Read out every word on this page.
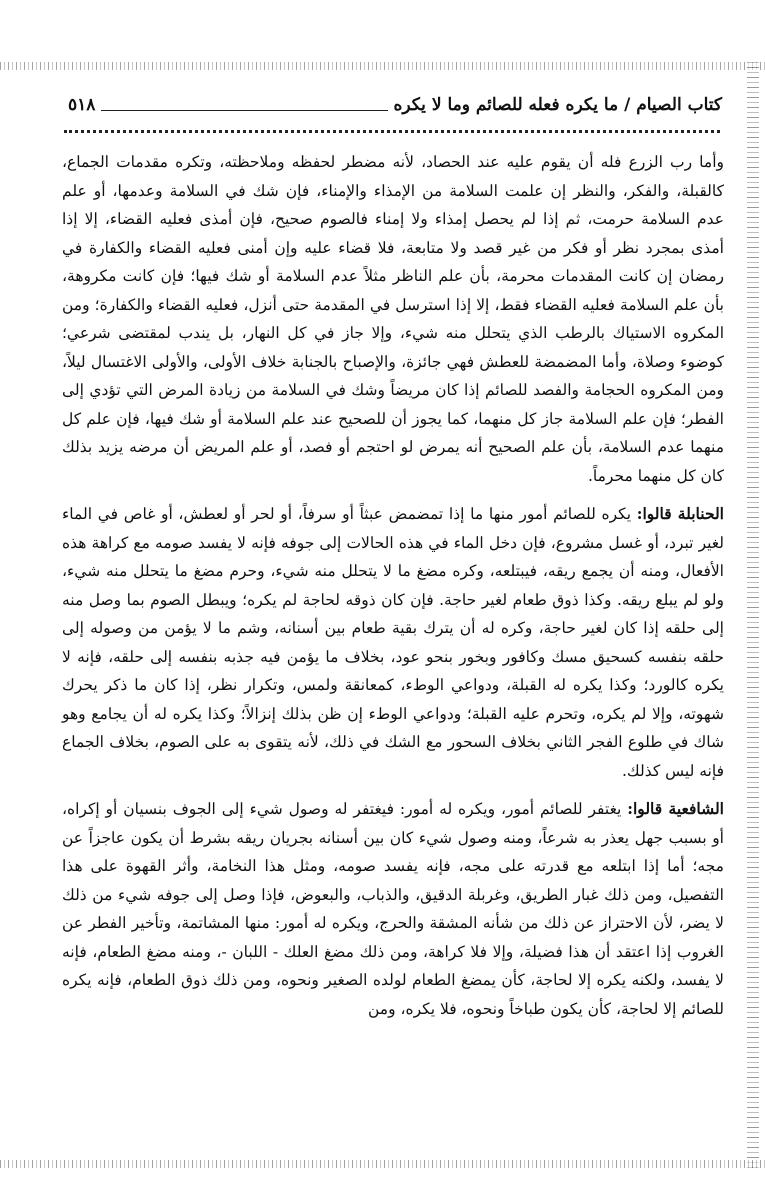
كتاب الصيام / ما يكره فعله للصائم وما لا يكره
٥١٨

وأما رب الزرع فله أن يقوم عليه عند الحصاد، لأنه مضطر لحفظه وملاحظته، وتكره مقدمات الجماع، كالقبلة، والفكر، والنظر إن علمت السلامة من الإمذاء والإمناء، فإن شك في السلامة وعدمها، أو علم عدم السلامة حرمت، ثم إذا لم يحصل إمذاء ولا إمناء فالصوم صحيح، فإن أمذى فعليه القضاء، إلا إذا أمذى بمجرد نظر أو فكر من غير قصد ولا متابعة، فلا قضاء عليه وإن أمنى فعليه القضاء والكفارة في رمضان إن كانت المقدمات محرمة، بأن علم الناظر مثلاً عدم السلامة أو شك فيها؛ فإن كانت مكروهة، بأن علم السلامة فعليه القضاء فقط، إلا إذا استرسل في المقدمة حتى أنزل، فعليه القضاء والكفارة؛ ومن المكروه الاستياك بالرطب الذي يتحلل منه شيء، وإلا جاز في كل النهار، بل يندب لمقتضى شرعي؛ كوضوء وصلاة، وأما المضمضة للعطش فهي جائزة، والإصباح بالجنابة خلاف الأولى، والأولى الاغتسال ليلاً، ومن المكروه الحجامة والفصد للصائم إذا كان مريضاً وشك في السلامة من زيادة المرض التي تؤدي إلى الفطر؛ فإن علم السلامة جاز كل منهما، كما يجوز أن للصحيح عند علم السلامة أو شك فيها، فإن علم كل منهما عدم السلامة، بأن علم الصحيح أنه يمرض لو احتجم أو فصد، أو علم المريض أن مرضه يزيد بذلك كان كل منهما محرماً.

الحنابلة قالوا: يكره للصائم أمور منها ما إذا تمضمض عبثاً أو سرفاً، أو لحر أو لعطش، أو غاص في الماء لغير تبرد، أو غسل مشروع، فإن دخل الماء في هذه الحالات إلى جوفه فإنه لا يفسد صومه مع كراهة هذه الأفعال، ومنه أن يجمع ريقه، فيبتلعه، وكره مضغ ما لا يتحلل منه شيء، وحرم مضغ ما يتحلل منه شيء، ولو لم يبلع ريقه. وكذا ذوق طعام لغير حاجة. فإن كان ذوقه لحاجة لم يكره؛ ويبطل الصوم بما وصل منه إلى حلقه إذا كان لغير حاجة، وكره له أن يترك بقية طعام بين أسنانه، وشم ما لا يؤمن من وصوله إلى حلقه بنفسه كسحيق مسك وكافور وبخور بنحو عود، بخلاف ما يؤمن فيه جذبه بنفسه إلى حلقه، فإنه لا يكره كالورد؛ وكذا يكره له القبلة، ودواعي الوطء، كمعانقة ولمس، وتكرار نظر، إذا كان ما ذكر يحرك شهوته، وإلا لم يكره، وتحرم عليه القبلة؛ ودواعي الوطء إن ظن بذلك إنزالاً؛ وكذا يكره له أن يجامع وهو شاك في طلوع الفجر الثاني بخلاف السحور مع الشك في ذلك، لأنه يتقوى به على الصوم، بخلاف الجماع فإنه ليس كذلك.

الشافعية قالوا: يغتفر للصائم أمور، ويكره له أمور: فيغتفر له وصول شيء إلى الجوف بنسيان أو إكراه، أو بسبب جهل يعذر به شرعاً، ومنه وصول شيء كان بين أسنانه بجريان ريقه بشرط أن يكون عاجزاً عن مجه؛ أما إذا ابتلعه مع قدرته على مجه، فإنه يفسد صومه، ومثل هذا النخامة، وأثر القهوة على هذا التفصيل، ومن ذلك غبار الطريق، وغربلة الدقيق، والذباب، والبعوض، فإذا وصل إلى جوفه شيء من ذلك لا يضر، لأن الاحتراز عن ذلك من شأنه المشقة والحرج، ويكره له أمور: منها المشاتمة، وتأخير الفطر عن الغروب إذا اعتقد أن هذا فضيلة، وإلا فلا كراهة، ومن ذلك مضغ العلك - اللبان -، ومنه مضغ الطعام، فإنه لا يفسد، ولكنه يكره إلا لحاجة، كأن يمضغ الطعام لولده الصغير ونحوه، ومن ذلك ذوق الطعام، فإنه يكره للصائم إلا لحاجة، كأن يكون طباخاً ونحوه، فلا يكره، ومن
